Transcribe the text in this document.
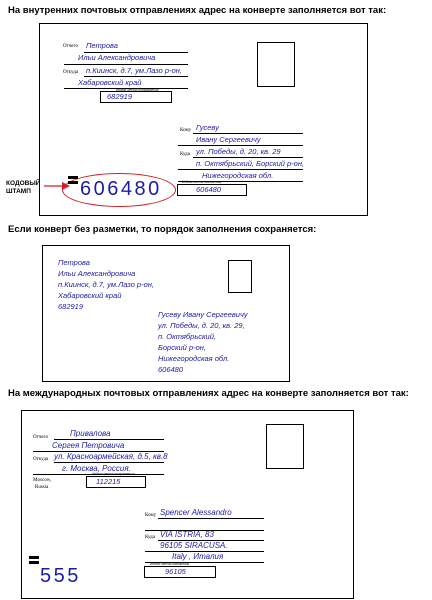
На внутренних почтовых отправлениях адрес на конверте заполняется вот так:
Если конверт без разметки, то порядок заполнения сохраняется:
На международных почтовых отправлениях адрес на конверте заполняется вот так:
Отчего Петрова
Ильи Александровича
Откуда п.Киинск, д.7, ум.Лазо р-он,
Хабаровский край
Индекс места отправления
682919
Кому Гусеву
Ивану Сергеевичу
Куда ул. Победы, д. 20, кв. 29
п. Октябрьский, Борский р-он,
Нижегородская обл.
Индекс места назначения
606480
КОДОВЫЙ
ШТАМП	606480
Петрова
Ильи Александровича
п.Киинск, д.7, ум.Лазо р-он,
Хабаровский край
682919
Гусеву Ивану Сергеевичу
ул. Победы, д. 20, кв. 29,
п. Октябрьский,
Борский р-он,
Нижегородская обл.
606480
Отчего	Привалова
Сергея Петровича
Откуда ул. Красноармейская, д.5, кв.8
г. Москва, Россия.
Moscow,
Russia
Индекс места отправления
112215
Кому Spencer Alessandro
Куда VIA ISTRIA, 83
96105 SIRACUSA.
Italy , Италия
Индекс места назначения
96105
555
